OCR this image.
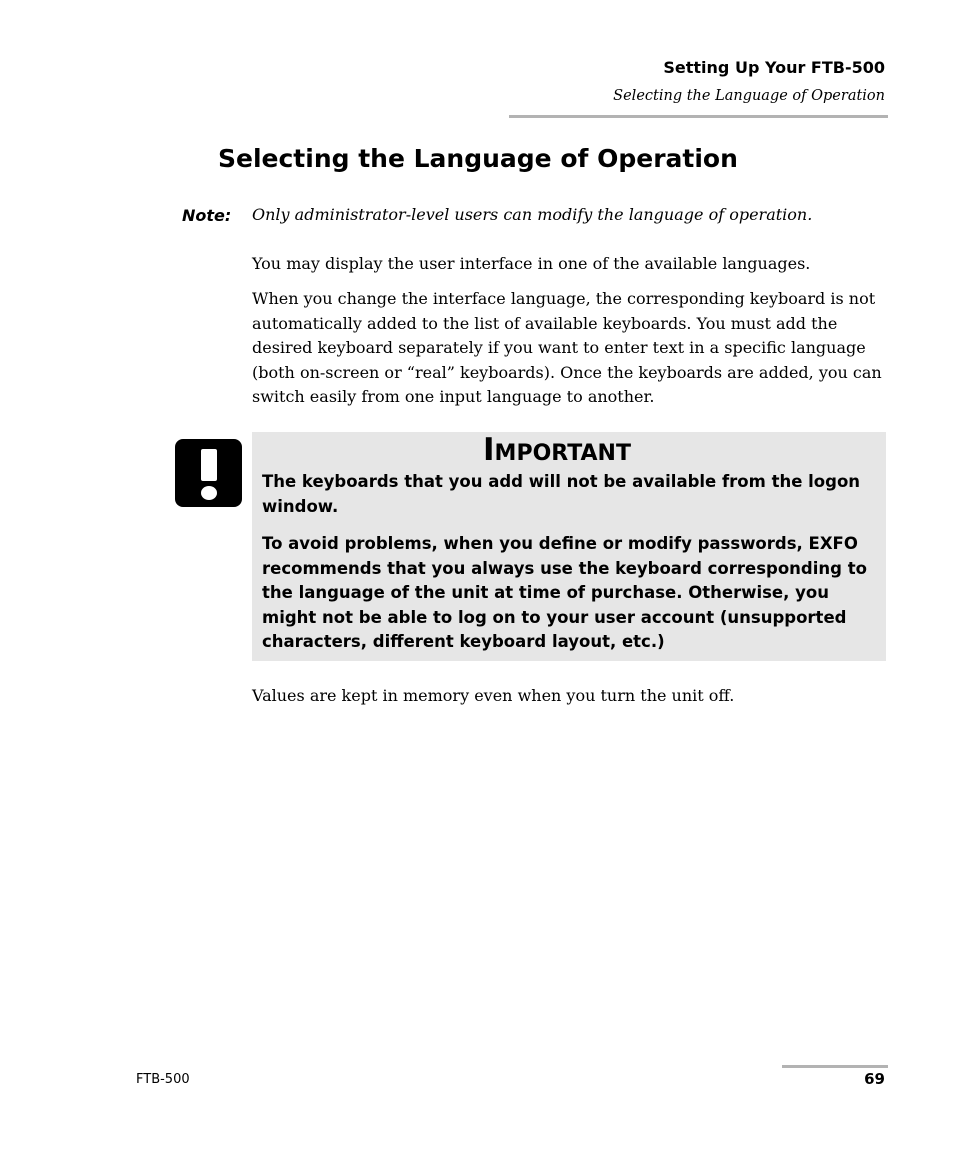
Setting Up Your FTB-500
Selecting the Language of Operation
Selecting the Language of Operation
Note: Only administrator-level users can modify the language of operation.

You may display the user interface in one of the available languages.

When you change the interface language, the corresponding keyboard is not automatically added to the list of available keyboards. You must add the desired keyboard separately if you want to enter text in a specific language (both on-screen or “real” keyboards). Once the keyboards are added, you can switch easily from one input language to another.

Important

The keyboards that you add will not be available from the logon window.

To avoid problems, when you define or modify passwords, EXFO recommends that you always use the keyboard corresponding to the language of the unit at time of purchase. Otherwise, you might not be able to log on to your user account (unsupported characters, different keyboard layout, etc.)

Values are kept in memory even when you turn the unit off.

FTB-500	69
